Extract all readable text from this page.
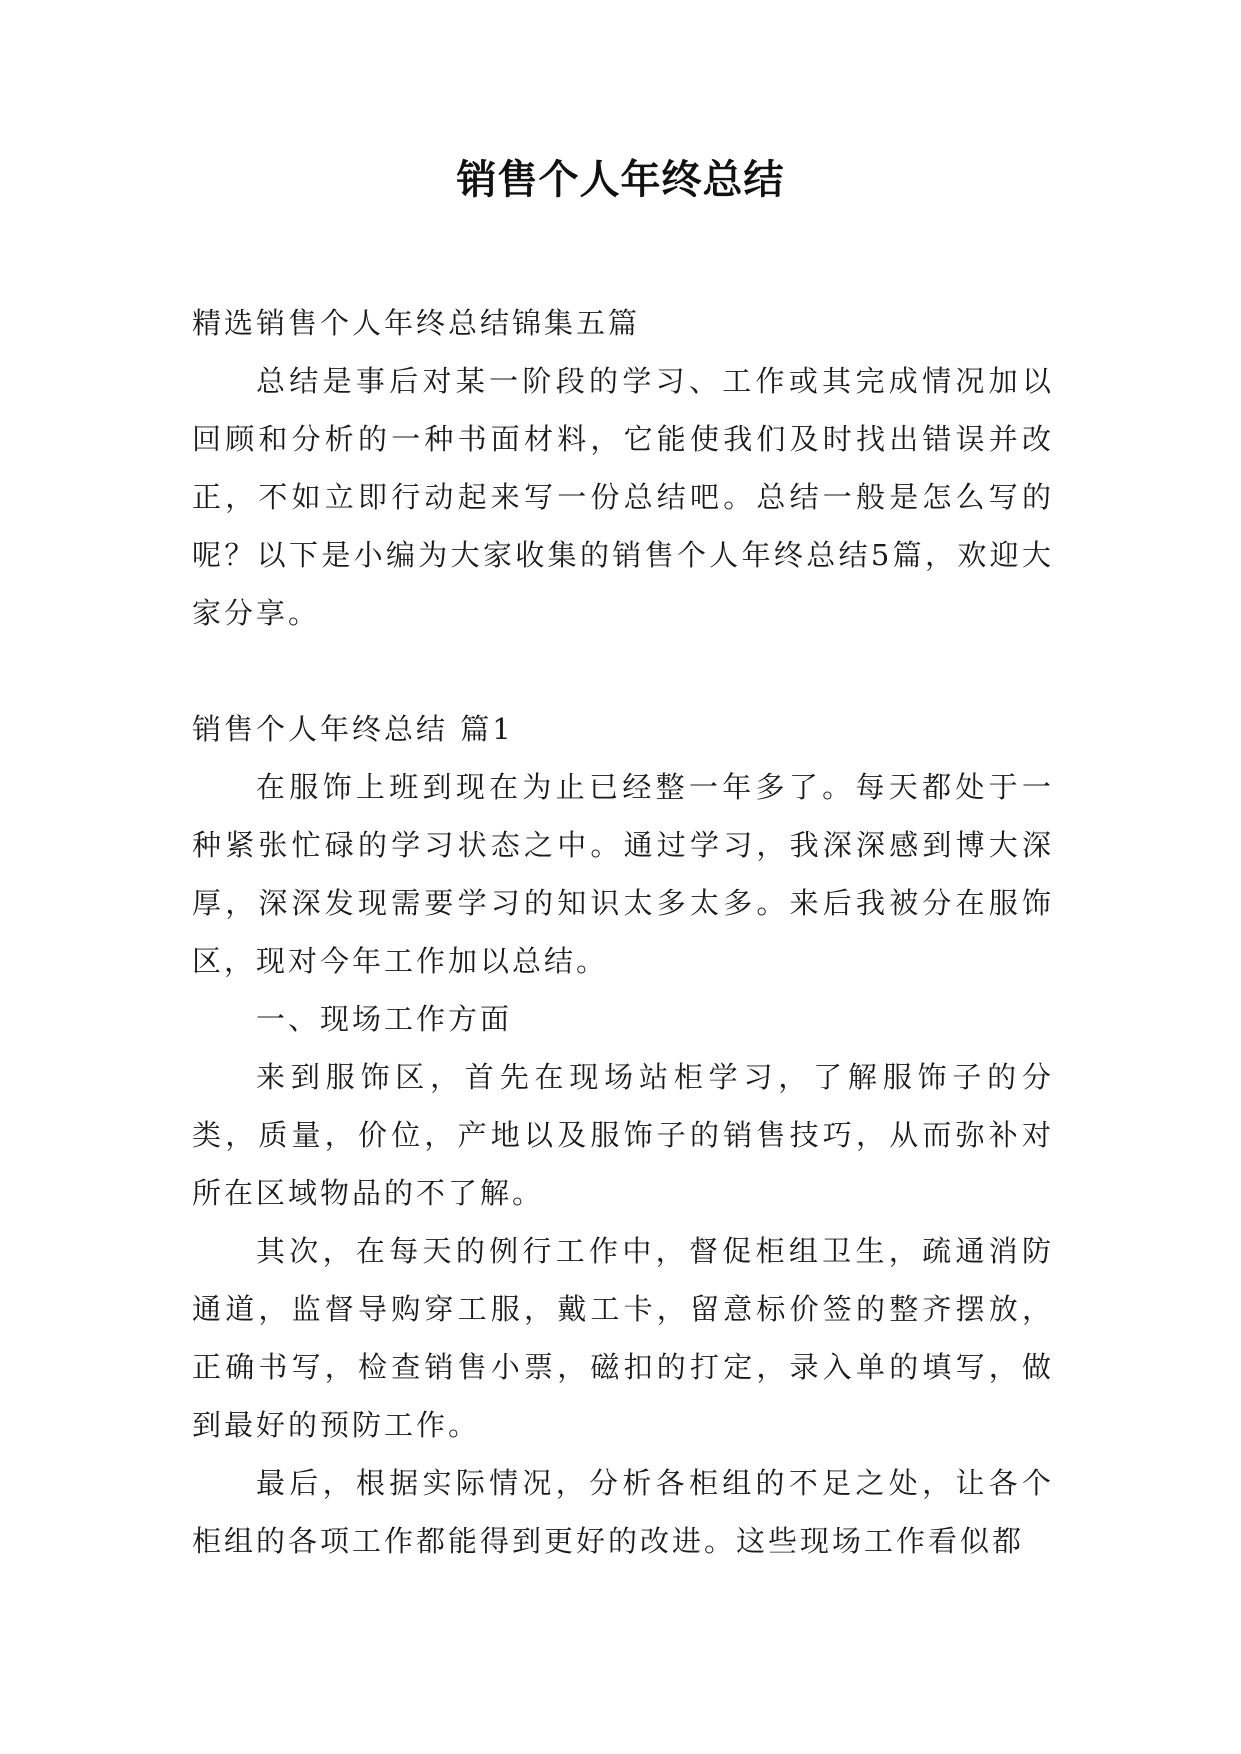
销售个人年终总结

精选销售个人年终总结锦集五篇

总结是事后对某一阶段的学习、工作或其完成情况加以回顾和分析的一种书面材料，它能使我们及时找出错误并改正，不如立即行动起来写一份总结吧。总结一般是怎么写的呢？以下是小编为大家收集的销售个人年终总结5篇，欢迎大家分享。

销售个人年终总结 篇1

在服饰上班到现在为止已经整一年多了。每天都处于一种紧张忙碌的学习状态之中。通过学习，我深深感到博大深厚，深深发现需要学习的知识太多太多。来后我被分在服饰区，现对今年工作加以总结。

一、现场工作方面

来到服饰区，首先在现场站柜学习，了解服饰子的分类，质量，价位，产地以及服饰子的销售技巧，从而弥补对所在区域物品的不了解。

其次，在每天的例行工作中，督促柜组卫生，疏通消防通道，监督导购穿工服，戴工卡，留意标价签的整齐摆放，正确书写，检查销售小票，磁扣的打定，录入单的填写，做到最好的预防工作。

最后，根据实际情况，分析各柜组的不足之处，让各个柜组的各项工作都能得到更好的改进。这些现场工作看似都
